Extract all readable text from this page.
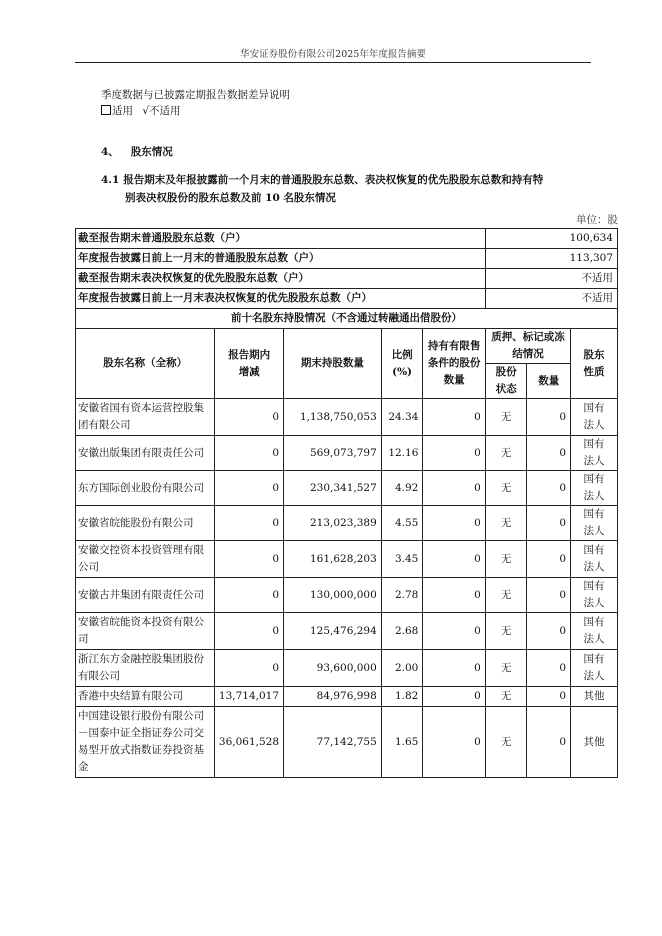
华安证券股份有限公司2025年年度报告摘要
季度数据与已披露定期报告数据差异说明
适用 √不适用
4、 股东情况
4.1 报告期末及年报披露前一个月末的普通股股东总数、表决权恢复的优先股股东总数和持有特
别表决权股份的股东总数及前 10 名股东情况
单位：股
截至报告期末普通股股东总数（户）					100,634		
年度报告披露日前上一月末的普通股股东总数（户）					113,307		
截至报告期末表决权恢复的优先股股东总数（户）					不适用		
年度报告披露日前上一月末表决权恢复的优先股股东总数（户）					不适用		
前十名股东持股情况（不含通过转融通出借股份）							
股东名称（全称）	报告期内增减	期末持股数量	比例(%)	持有有限售条件的股份数量	质押、标记或冻结情况		股东性质
					股份状态	数量	
安徽省国有资本运营控股集团有限公司	0	1,138,750,053	24.34	0	无	0	国有法人
安徽出版集团有限责任公司	0	569,073,797	12.16	0	无	0	国有法人
东方国际创业股份有限公司	0	230,341,527	4.92	0	无	0	国有法人
安徽省皖能股份有限公司	0	213,023,389	4.55	0	无	0	国有法人
安徽交控资本投资管理有限公司	0	161,628,203	3.45	0	无	0	国有法人
安徽古井集团有限责任公司	0	130,000,000	2.78	0	无	0	国有法人
安徽省皖能资本投资有限公司	0	125,476,294	2.68	0	无	0	国有法人
浙江东方金融控股集团股份有限公司	0	93,600,000	2.00	0	无	0	国有法人
香港中央结算有限公司	13,714,017	84,976,998	1.82	0	无	0	其他
中国建设银行股份有限公司－国泰中证全指证券公司交易型开放式指数证券投资基金	36,061,528	77,142,755	1.65	0	无	0	其他
